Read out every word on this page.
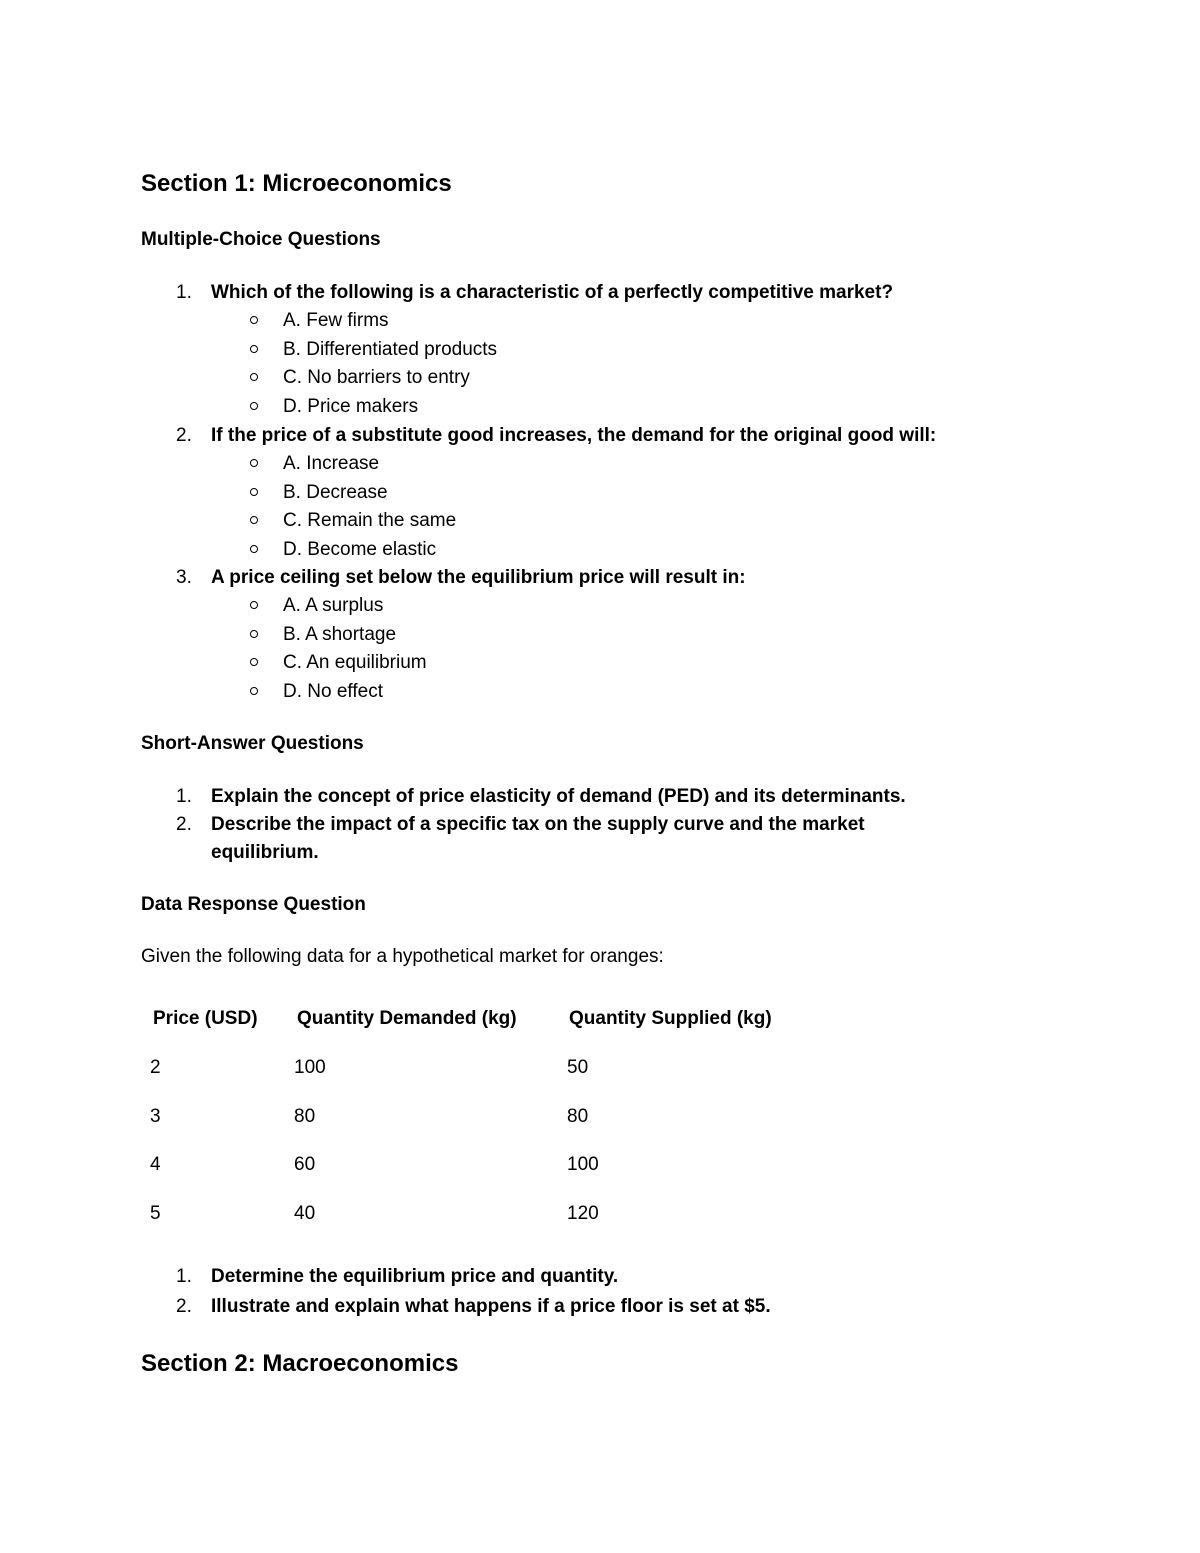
Section 1: Microeconomics
Multiple-Choice Questions
1. Which of the following is a characteristic of a perfectly competitive market?
A. Few firms
B. Differentiated products
C. No barriers to entry
D. Price makers
2. If the price of a substitute good increases, the demand for the original good will:
A. Increase
B. Decrease
C. Remain the same
D. Become elastic
3. A price ceiling set below the equilibrium price will result in:
A. A surplus
B. A shortage
C. An equilibrium
D. No effect
Short-Answer Questions
1. Explain the concept of price elasticity of demand (PED) and its determinants.
2. Describe the impact of a specific tax on the supply curve and the market
equilibrium.
Data Response Question
Given the following data for a hypothetical market for oranges:
Price (USD) Quantity Demanded (kg)	Quantity Supplied (kg)
2	100	50
3	80	80
4	60	100
5	40	120
1. Determine the equilibrium price and quantity.
2. Illustrate and explain what happens if a price floor is set at $5.
Section 2: Macroeconomics
